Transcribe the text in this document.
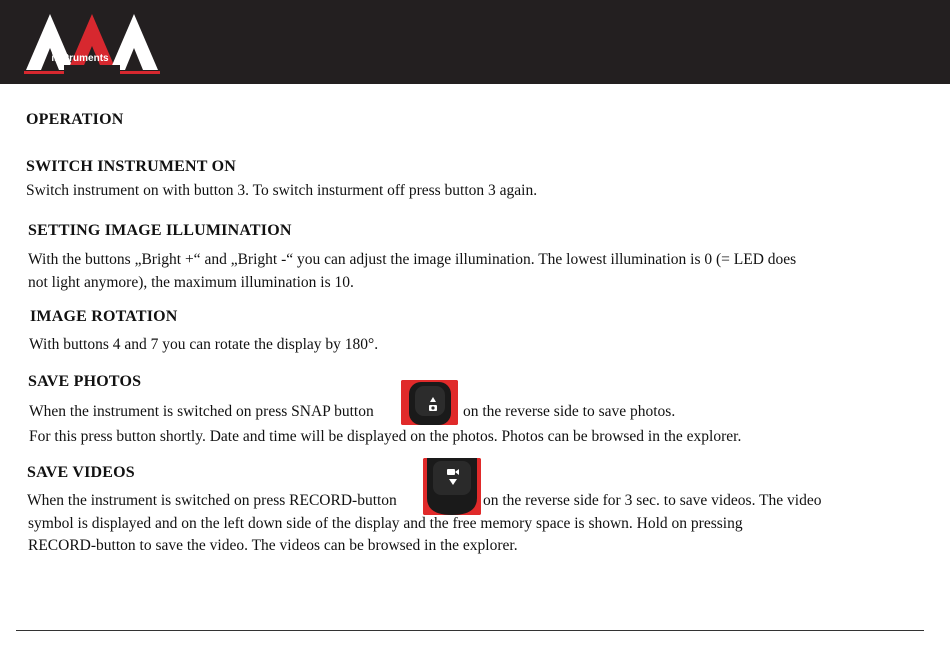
instruments
OPERATION
SWITCH INSTRUMENT ON
Switch instrument on with button 3. To switch insturment off press button 3 again.
SETTING IMAGE ILLUMINATION
With the buttons „Bright +“ and „Bright -“ you can adjust the image illumination. The lowest illumination is 0 (= LED does
not light anymore), the maximum illumination is 10.
IMAGE ROTATION
With buttons 4 and 7 you can rotate the display by 180°.
SAVE PHOTOS
When the instrument is switched on press SNAP button	on the reverse side to save photos.
For this press button shortly. Date and time will be displayed on the photos. Photos can be browsed in the explorer.
SAVE VIDEOS
When the instrument is switched on press RECORD-button	on the reverse side for 3 sec. to save videos. The video
symbol is displayed and on the left down side of the display and the free memory space is shown. Hold on pressing
RECORD-button to save the video. The videos can be browsed in the explorer.
